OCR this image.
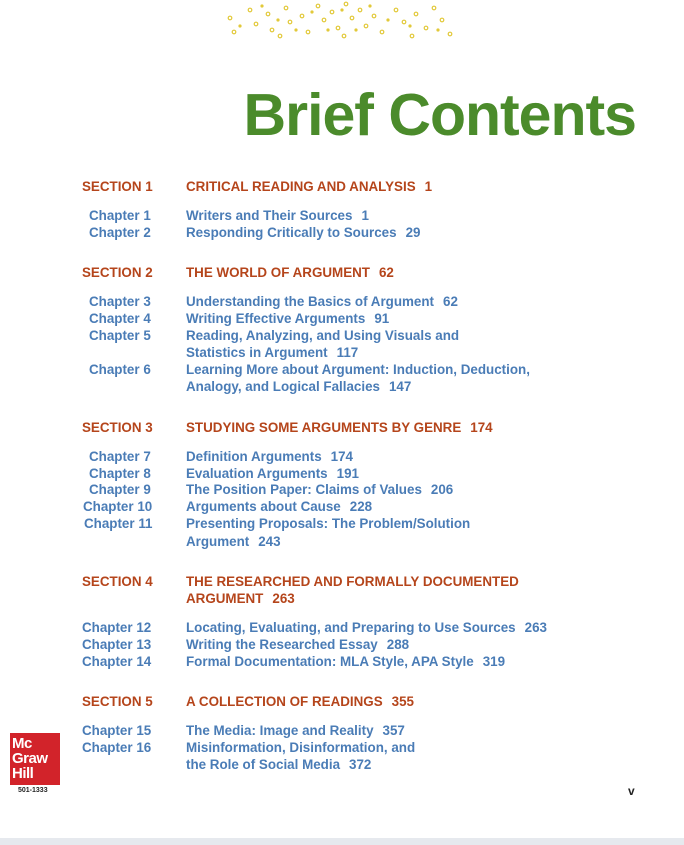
Brief Contents
SECTION 1 CRITICAL READING AND ANALYSIS 1
Chapter 1	Writers and Their Sources 1
Chapter 2	Responding Critically to Sources 29
SECTION 2 THE WORLD OF ARGUMENT 62
Chapter 3	Understanding the Basics of Argument 62
Chapter 4	Writing Effective Arguments 91
Chapter 5	Reading, Analyzing, and Using Visuals and
Statistics in Argument 117
Chapter 6	Learning More about Argument: Induction, Deduction,
Analogy, and Logical Fallacies 147
SECTION 3 STUDYING SOME ARGUMENTS BY GENRE 174
Chapter 7	Definition Arguments 174
Chapter 8	Evaluation Arguments 191
Chapter 9	The Position Paper: Claims of Values 206
Chapter 10	Arguments about Cause 228
Chapter 11	Presenting Proposals: The Problem/Solution
Argument 243
SECTION 4 THE RESEARCHED AND FORMALLY DOCUMENTED
ARGUMENT 263
Chapter 12	Locating, Evaluating, and Preparing to Use Sources 263
Chapter 13	Writing the Researched Essay 288
Chapter 14	Formal Documentation: MLA Style, APA Style 319
SECTION 5 A COLLECTION OF READINGS 355
Chapter 15	The Media: Image and Reality 357
Chapter 16	Misinformation, Disinformation, and
the Role of Social Media 372
Mc
Graw
Hill
501-1333	v
